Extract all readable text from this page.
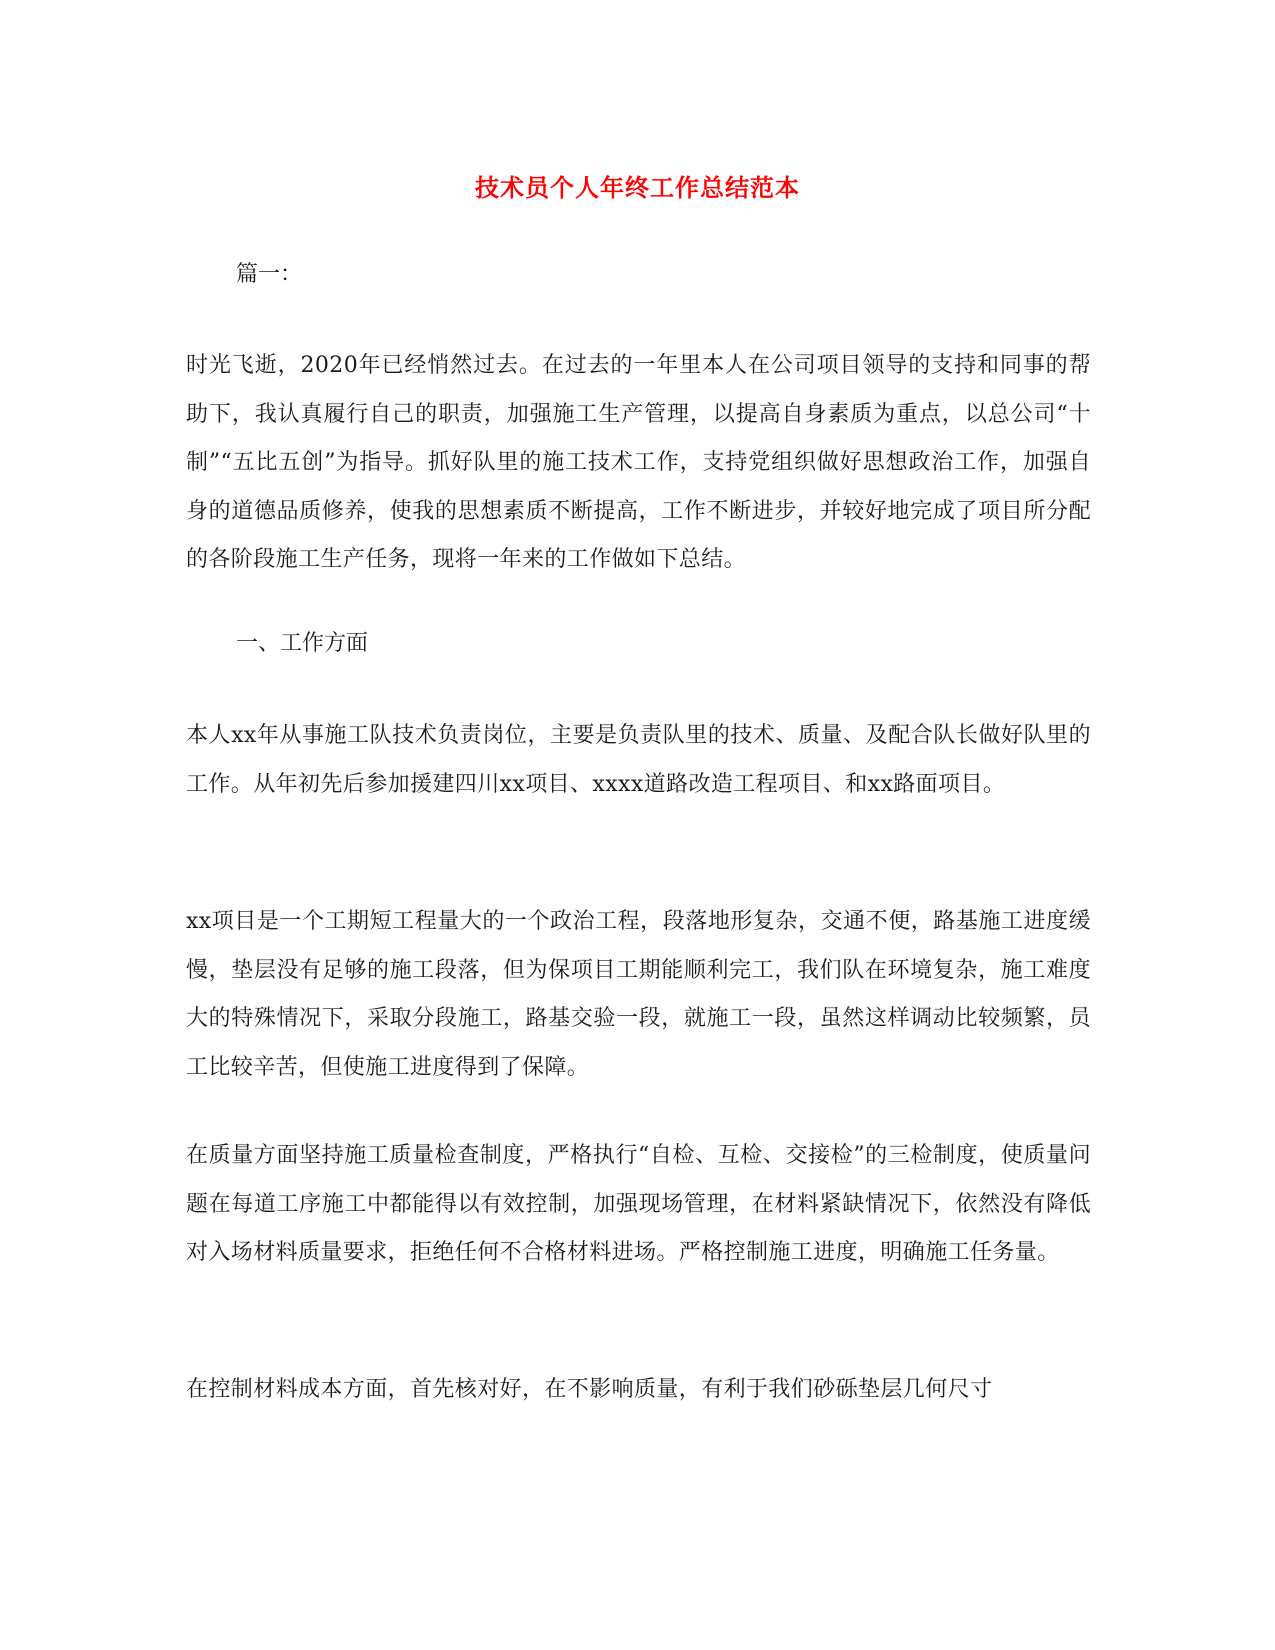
技术员个人年终工作总结范本
篇一：
时光飞逝，2020年已经悄然过去。在过去的一年里本人在公司项目领导的支持和同事的帮助下，我认真履行自己的职责，加强施工生产管理，以提高自身素质为重点，以总公司“十制”“五比五创”为指导。抓好队里的施工技术工作，支持党组织做好思想政治工作，加强自身的道德品质修养，使我的思想素质不断提高，工作不断进步，并较好地完成了项目所分配的各阶段施工生产任务，现将一年来的工作做如下总结。
一、工作方面
本人xx年从事施工队技术负责岗位，主要是负责队里的技术、质量、及配合队长做好队里的工作。从年初先后参加援建四川xx项目、xxxx道路改造工程项目、和xx路面项目。
xx项目是一个工期短工程量大的一个政治工程，段落地形复杂，交通不便，路基施工进度缓慢，垫层没有足够的施工段落，但为保项目工期能顺利完工，我们队在环境复杂，施工难度大的特殊情况下，采取分段施工，路基交验一段，就施工一段，虽然这样调动比较频繁，员工比较辛苦，但使施工进度得到了保障。
在质量方面坚持施工质量检查制度，严格执行“自检、互检、交接检”的三检制度，使质量问题在每道工序施工中都能得以有效控制，加强现场管理，在材料紧缺情况下，依然没有降低对入场材料质量要求，拒绝任何不合格材料进场。严格控制施工进度，明确施工任务量。
在控制材料成本方面，首先核对好，在不影响质量，有利于我们砂砾垫层几何尺寸
